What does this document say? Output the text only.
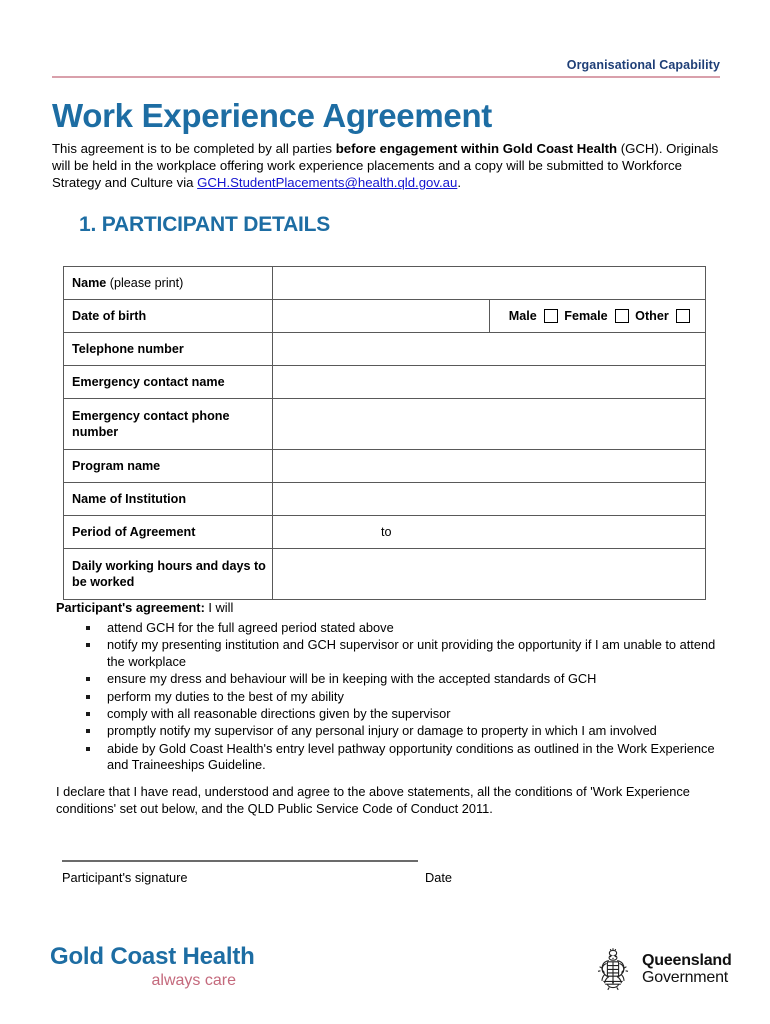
Organisational Capability
Work Experience Agreement
This agreement is to be completed by all parties before engagement within Gold Coast Health (GCH). Originals will be held in the workplace offering work experience placements and a copy will be submitted to Workforce Strategy and Culture via GCH.StudentPlacements@health.qld.gov.au.
1. PARTICIPANT DETAILS
Name (please print)		
Date of birth		Male Female Other

Telephone number		
Emergency contact name		
Emergency contact phone number		
Program name		
Name of Institution		
Period of Agreement	to	
Daily working hours and days to be worked		
Participant's agreement: I will
attend GCH for the full agreed period stated above
notify my presenting institution and GCH supervisor or unit providing the opportunity if I am unable to attend the workplace
ensure my dress and behaviour will be in keeping with the accepted standards of GCH
perform my duties to the best of my ability
comply with all reasonable directions given by the supervisor
promptly notify my supervisor of any personal injury or damage to property in which I am involved
abide by Gold Coast Health's entry level pathway opportunity conditions as outlined in the Work Experience and Traineeships Guideline.
I declare that I have read, understood and agree to the above statements, all the conditions of 'Work Experience conditions' set out below, and the QLD Public Service Code of Conduct 2011.
Participant's signature	Date
Gold Coast Health
always care
Queensland
Government
